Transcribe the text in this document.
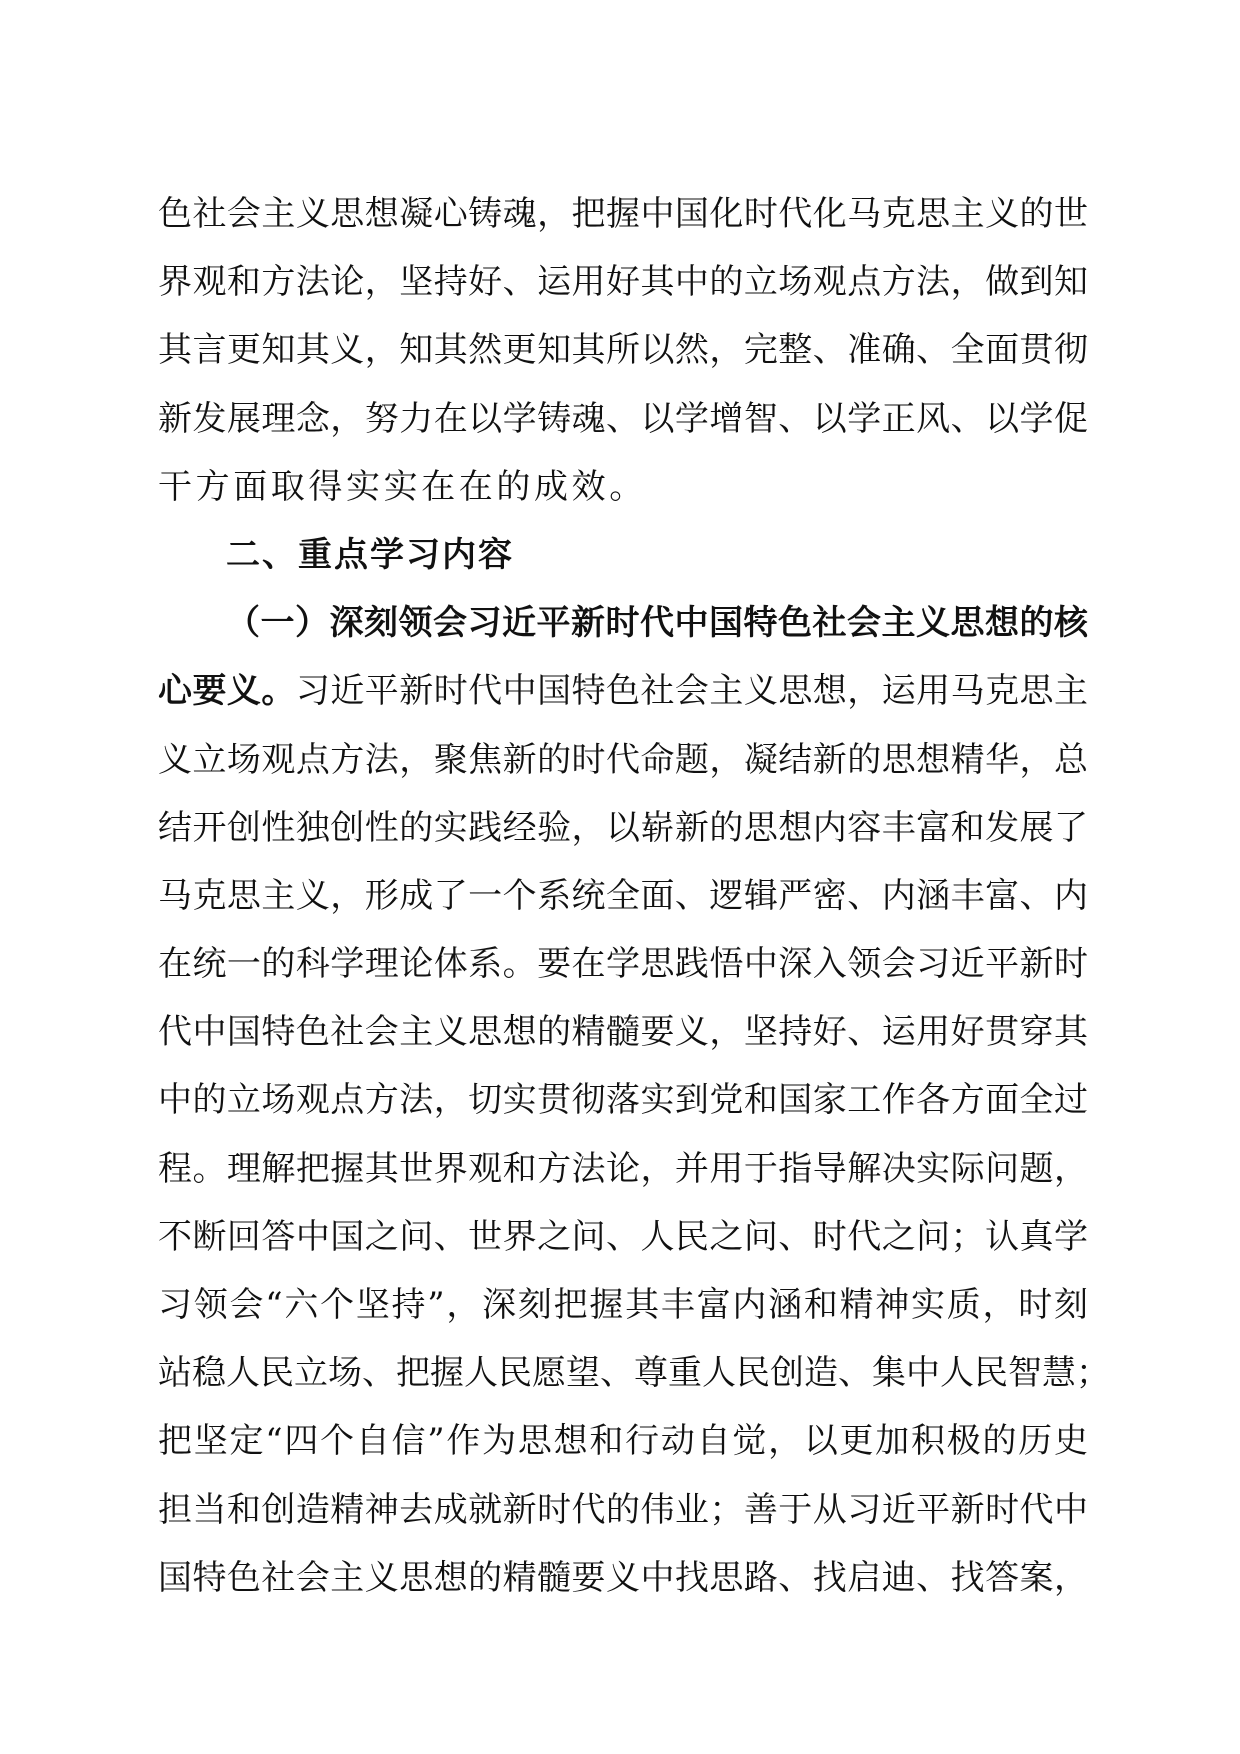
色社会主义思想凝心铸魂，把握中国化时代化马克思主义的世
界观和方法论，坚持好、运用好其中的立场观点方法，做到知
其言更知其义，知其然更知其所以然，完整、准确、全面贯彻
新发展理念，努力在以学铸魂、以学增智、以学正风、以学促
干方面取得实实在在的成效。
二、重点学习内容
（一）深刻领会习近平新时代中国特色社会主义思想的核
心要义。习近平新时代中国特色社会主义思想，运用马克思主
义立场观点方法，聚焦新的时代命题，凝结新的思想精华，总
结开创性独创性的实践经验，以崭新的思想内容丰富和发展了
马克思主义，形成了一个系统全面、逻辑严密、内涵丰富、内
在统一的科学理论体系。要在学思践悟中深入领会习近平新时
代中国特色社会主义思想的精髓要义，坚持好、运用好贯穿其
中的立场观点方法，切实贯彻落实到党和国家工作各方面全过
程。理解把握其世界观和方法论，并用于指导解决实际问题，
不断回答中国之问、世界之问、人民之问、时代之问；认真学
习领会“六个坚持”，深刻把握其丰富内涵和精神实质，时刻
站稳人民立场、把握人民愿望、尊重人民创造、集中人民智慧；
把坚定“四个自信”作为思想和行动自觉，以更加积极的历史
担当和创造精神去成就新时代的伟业；善于从习近平新时代中
国特色社会主义思想的精髓要义中找思路、找启迪、找答案，
